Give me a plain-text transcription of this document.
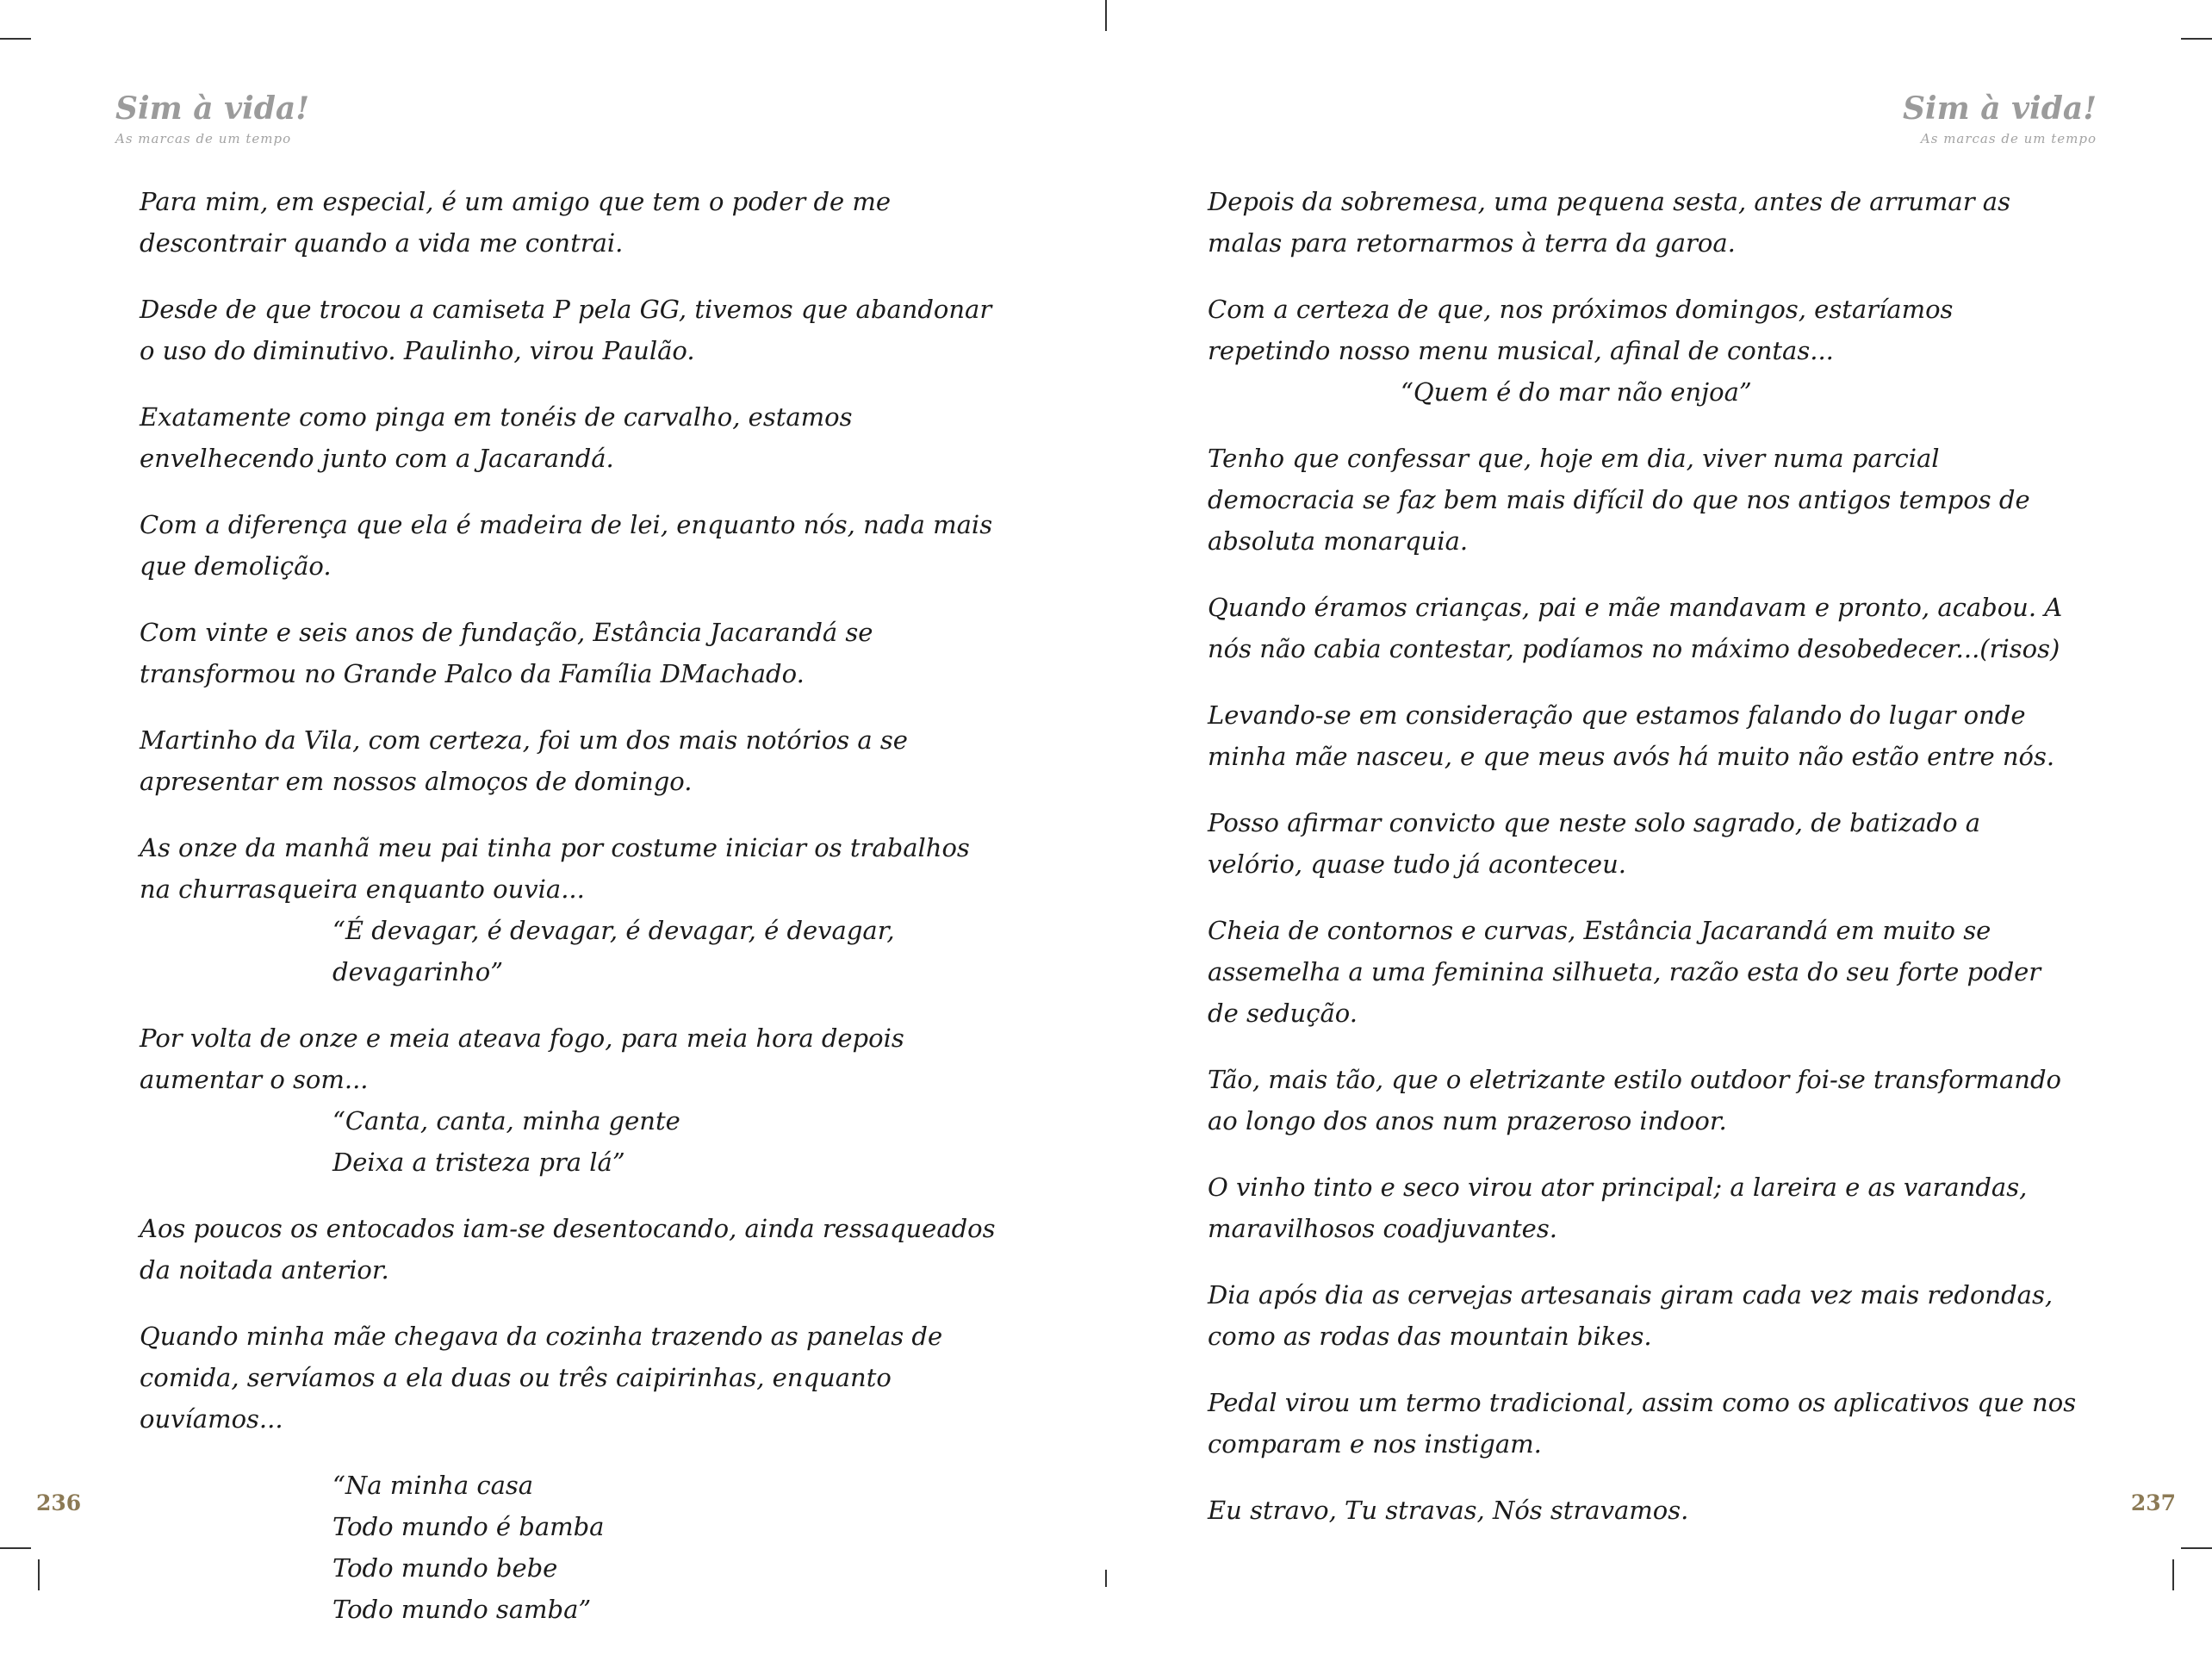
Sim à vida!
As marcas de um tempo

Para mim, em especial, é um amigo que tem o poder de me descontrair quando a vida me contrai.

Desde de que trocou a camiseta P pela GG, tivemos que abandonar o uso do diminutivo. Paulinho, virou Paulão.

Exatamente como pinga em tonéis de carvalho, estamos envelhecendo junto com a Jacarandá.

Com a diferença que ela é madeira de lei, enquanto nós, nada mais que demolição.

Com vinte e seis anos de fundação, Estância Jacarandá se transformou no Grande Palco da Família DMachado.

Martinho da Vila, com certeza, foi um dos mais notórios a se apresentar em nossos almoços de domingo.

As onze da manhã meu pai tinha por costume iniciar os trabalhos na churrasqueira enquanto ouvia...
“É devagar, é devagar, é devagar, é devagar, devagarinho”

Por volta de onze e meia ateava fogo, para meia hora depois aumentar o som...
“Canta, canta, minha gente
Deixa a tristeza pra lá”

Aos poucos os entocados iam-se desentocando, ainda ressaqueados da noitada anterior.

Quando minha mãe chegava da cozinha trazendo as panelas de comida, servíamos a ela duas ou três caipirinhas, enquanto ouvíamos...

“Na minha casa
Todo mundo é bamba
Todo mundo bebe
Todo mundo samba”

236
Sim à vida!
As marcas de um tempo

Depois da sobremesa, uma pequena sesta, antes de arrumar as malas para retornarmos à terra da garoa.

Com a certeza de que, nos próximos domingos, estaríamos repetindo nosso menu musical, afinal de contas...
“Quem é do mar não enjoa”

Tenho que confessar que, hoje em dia, viver numa parcial democracia se faz bem mais difícil do que nos antigos tempos de absoluta monarquia.

Quando éramos crianças, pai e mãe mandavam e pronto, acabou. A nós não cabia contestar, podíamos no máximo desobedecer...(risos)

Levando-se em consideração que estamos falando do lugar onde minha mãe nasceu, e que meus avós há muito não estão entre nós.

Posso afirmar convicto que neste solo sagrado, de batizado a velório, quase tudo já aconteceu.

Cheia de contornos e curvas, Estância Jacarandá em muito se assemelha a uma feminina silhueta, razão esta do seu forte poder de sedução.

Tão, mais tão, que o eletrizante estilo outdoor foi-se transformando ao longo dos anos num prazeroso indoor.

O vinho tinto e seco virou ator principal; a lareira e as varandas, maravilhosos coadjuvantes.

Dia após dia as cervejas artesanais giram cada vez mais redondas, como as rodas das mountain bikes.

Pedal virou um termo tradicional, assim como os aplicativos que nos comparam e nos instigam.

Eu stravo, Tu stravas, Nós stravamos.	237
